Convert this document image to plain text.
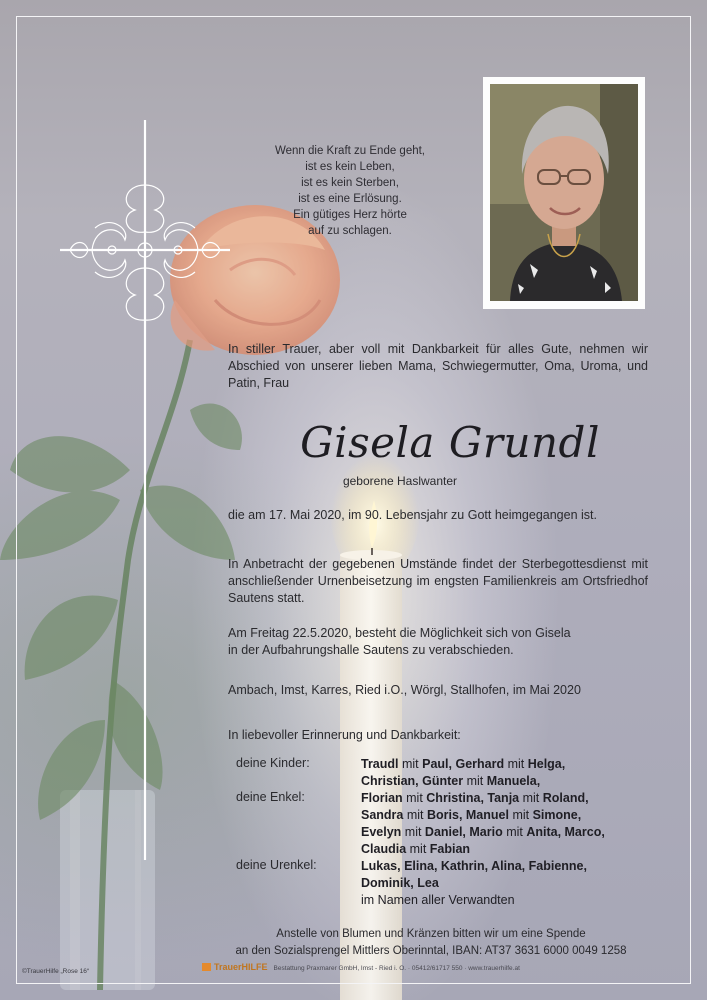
Wenn die Kraft zu Ende geht,
ist es kein Leben,
ist es kein Sterben,
ist es eine Erlösung.
Ein gütiges Herz hörte
auf zu schlagen.
In stiller Trauer, aber voll mit Dankbarkeit für alles Gute, nehmen wir Abschied von unserer lieben Mama, Schwiegermutter, Oma, Uroma, und Patin, Frau
Gisela Grundl
geborene Haslwanter
die am 17. Mai 2020, im 90. Lebensjahr zu Gott heimgegangen ist.
In Anbetracht der gegebenen Umstände findet der Sterbegottesdienst mit anschließender Urnenbeisetzung im engsten Familienkreis am Ortsfriedhof Sautens statt.
Am Freitag 22.5.2020, besteht die Möglichkeit sich von Gisela
in der Aufbahrungshalle Sautens zu verabschieden.
Ambach, Imst, Karres, Ried i.O., Wörgl, Stallhofen, im Mai 2020
In liebevoller Erinnerung und Dankbarkeit:
deine Kinder:	Traudl mit Paul, Gerhard mit Helga,
Christian, Günter mit Manuela,
deine Enkel:	Florian mit Christina, Tanja mit Roland,
Sandra mit Boris, Manuel mit Simone,
Evelyn mit Daniel, Mario mit Anita, Marco,
Claudia mit Fabian
deine Urenkel:	Lukas, Elina, Kathrin, Alina, Fabienne,
Dominik, Lea
im Namen aller Verwandten
Anstelle von Blumen und Kränzen bitten wir um eine Spende
an den Sozialsprengel Mittlers Oberinntal, IBAN: AT37 3631 6000 0049 1258
©TrauerHilfe „Rose 16“	TrauerHILFE Bestattung Praxmarer GmbH, Imst - Ried i. O. · 05412/61717 550 · www.trauerhilfe.at
